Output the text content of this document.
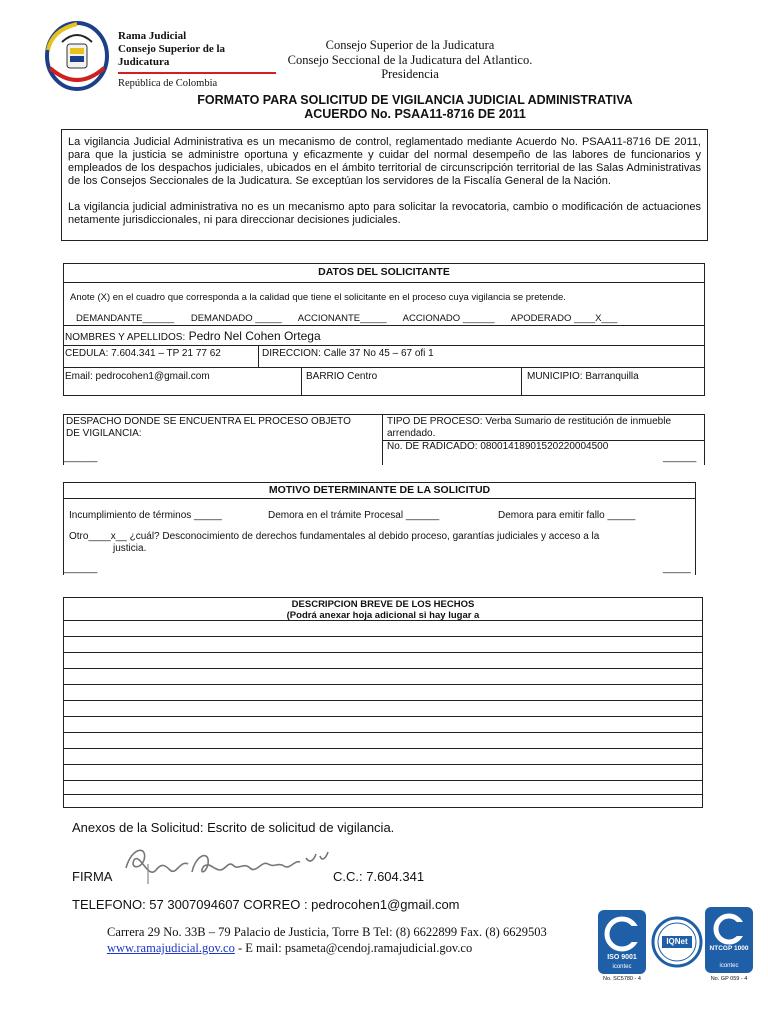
Rama Judicial
Consejo Superior de la Judicatura
República de Colombia
Consejo Superior de la Judicatura
Consejo Seccional de la Judicatura del Atlantico.
Presidencia
FORMATO PARA SOLICITUD DE VIGILANCIA JUDICIAL ADMINISTRATIVA
ACUERDO No. PSAA11-8716 DE 2011
La vigilancia Judicial Administrativa es un mecanismo de control, reglamentado mediante Acuerdo No. PSAA11-8716 DE 2011, para que la justicia se administre oportuna y eficazmente y cuidar del normal desempeño de las labores de funcionarios y empleados de los despachos judiciales, ubicados en el ámbito territorial de circunscripción territorial de las Salas Administrativas de los Consejos Seccionales de la Judicatura. Se exceptúan los servidores de la Fiscalía General de la Nación.
La vigilancia judicial administrativa no es un mecanismo apto para solicitar la revocatoria, cambio o modificación de actuaciones netamente jurisdiccionales, ni para direccionar decisiones judiciales.
DATOS DEL SOLICITANTE
Anote (X) en el cuadro que corresponda a la calidad que tiene el solicitante en el proceso cuya vigilancia se pretende.
DEMANDANTE______ DEMANDADO _____ ACCIONANTE_____ ACCIONADO ______ APODERADO ____X___
NOMBRES Y APELLIDOS: Pedro Nel Cohen Ortega
CEDULA: 7.604.341 – TP 21 77 62	DIRECCION: Calle 37 No 45 – 67 ofi 1
Email: pedrocohen1@gmail.com	BARRIO Centro	MUNICIPIO: Barranquilla
DESPACHO DONDE SE ENCUENTRA EL PROCESO OBJETO DE VIGILANCIA:
TIPO DE PROCESO: Verba Sumario de restitución de inmueble arrendado.
No. DE RADICADO: 08001418901520220004500
______	______
MOTIVO DETERMINANTE DE LA SOLICITUD
Incumplimiento de términos _____	Demora en el trámite Procesal ______	Demora para emitir fallo _____
Otro____x__ ¿cuál? Desconocimiento de derechos fundamentales al debido proceso, garantías judiciales y acceso a la
justicia.
______	_____
DESCRIPCION BREVE DE LOS HECHOS
(Podrá anexar hoja adicional si hay lugar a
Anexos de la Solicitud: Escrito de solicitud de vigilancia.
FIRMA	C.C.: 7.604.341
TELEFONO: 57 3007094607 CORREO : pedrocohen1@gmail.com
Carrera 29 No. 33B – 79 Palacio de Justicia, Torre B Tel: (8) 6622899 Fax. (8) 6629503
www.ramajudicial.gov.co - E mail: psameta@cendoj.ramajudicial.gov.co
ISO 9001
icontec
No. SC5780 - 4
IQNet
NTCGP 1000
icontec
No. GP 059 - 4
